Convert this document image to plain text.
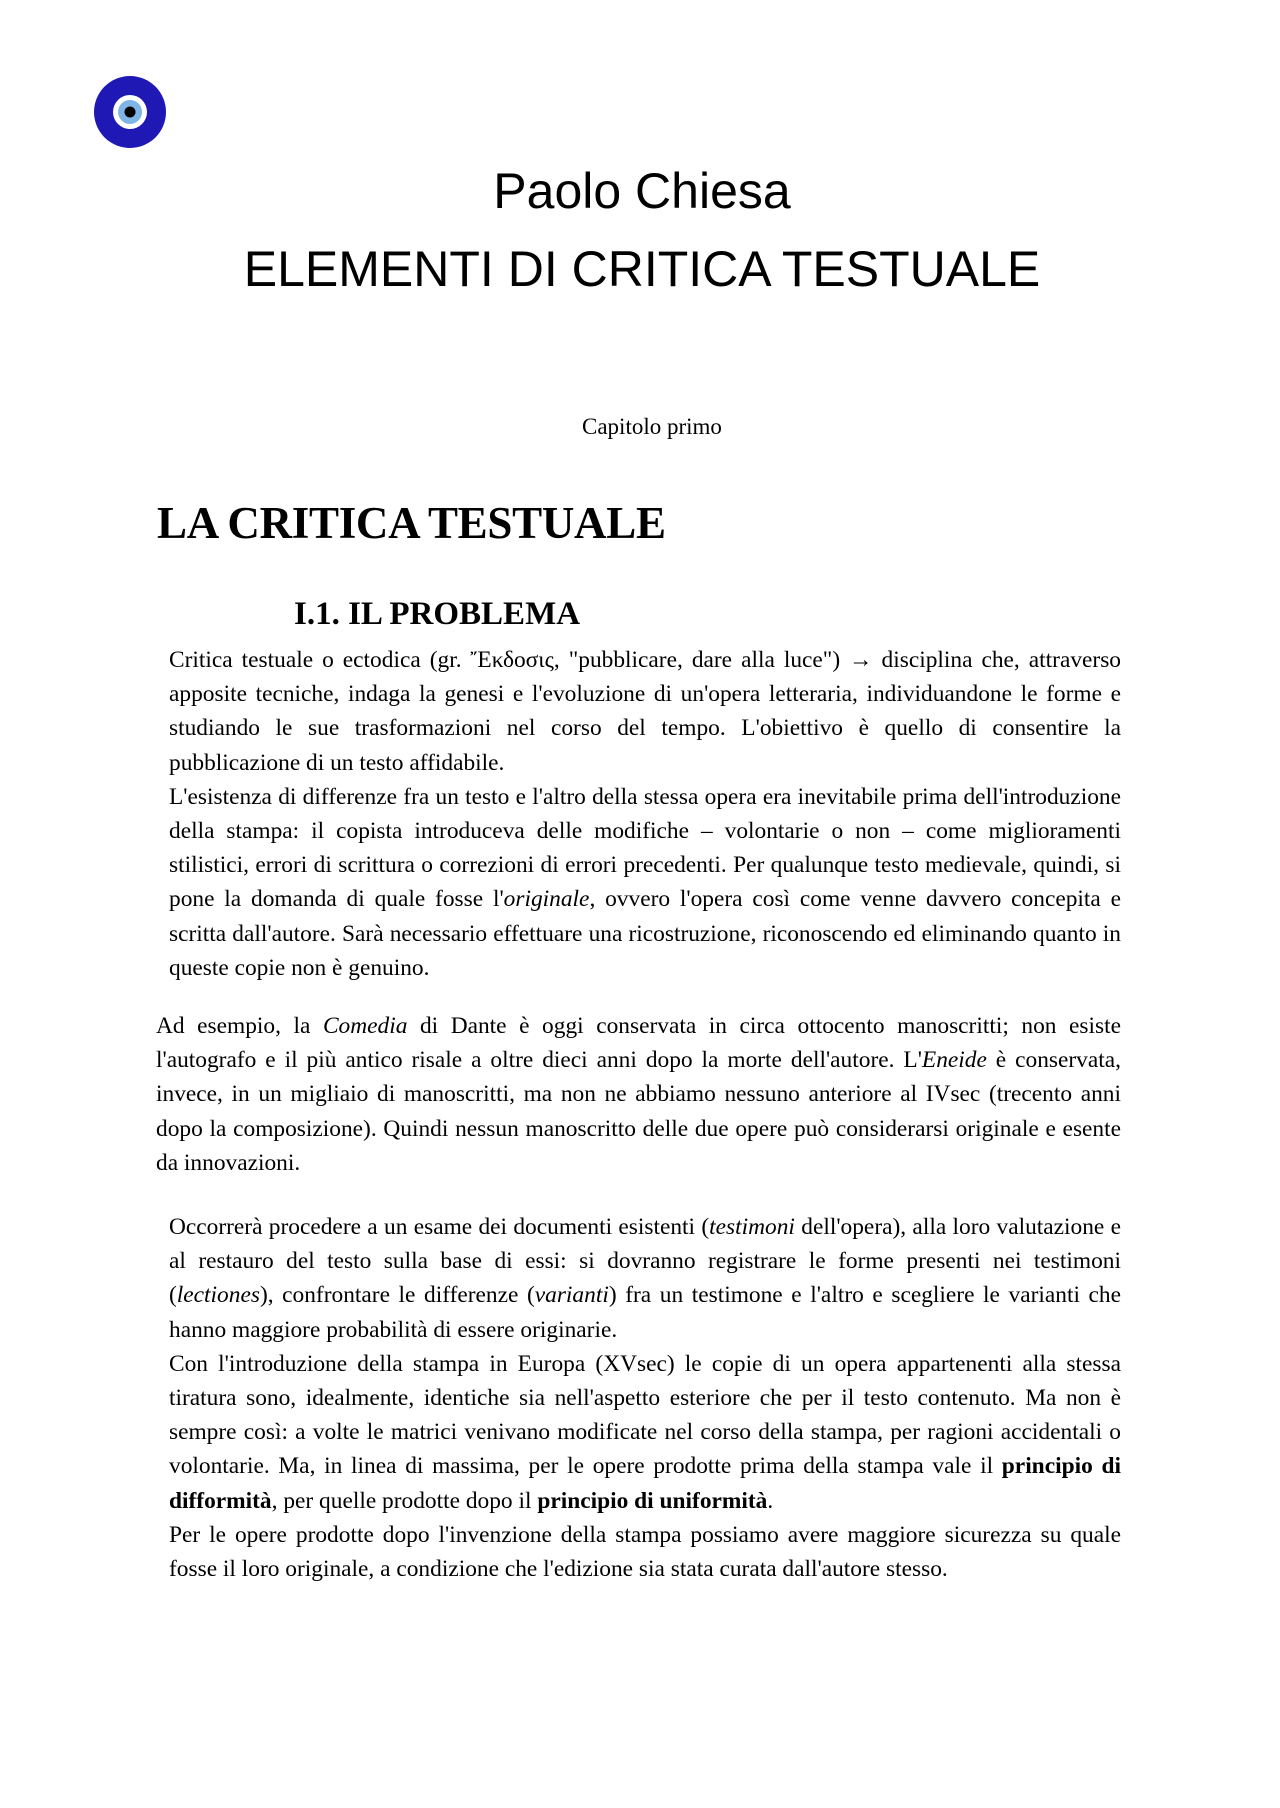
Paolo Chiesa
ELEMENTI DI CRITICA TESTUALE
Capitolo primo
LA CRITICA TESTUALE
I.1. IL PROBLEMA

Critica testuale o ectodica (gr. Ἔκδοσις, "pubblicare, dare alla luce") → disciplina che, attraverso apposite tecniche, indaga la genesi e l'evoluzione di un'opera letteraria, individuandone le forme e studiando le sue trasformazioni nel corso del tempo. L'obiettivo è quello di consentire la pubblicazione di un testo affidabile.

L'esistenza di differenze fra un testo e l'altro della stessa opera era inevitabile prima dell'introduzione della stampa: il copista introduceva delle modifiche – volontarie o non – come miglioramenti stilistici, errori di scrittura o correzioni di errori precedenti. Per qualunque testo medievale, quindi, si pone la domanda di quale fosse l'originale, ovvero l'opera così come venne davvero concepita e scritta dall'autore. Sarà necessario effettuare una ricostruzione, riconoscendo ed eliminando quanto in queste copie non è genuino.

Ad esempio, la Comedia di Dante è oggi conservata in circa ottocento manoscritti; non esiste l'autografo e il più antico risale a oltre dieci anni dopo la morte dell'autore. L'Eneide è conservata, invece, in un migliaio di manoscritti, ma non ne abbiamo nessuno anteriore al IVsec (trecento anni dopo la composizione). Quindi nessun manoscritto delle due opere può considerarsi originale e esente da innovazioni.

Occorrerà procedere a un esame dei documenti esistenti (testimoni dell'opera), alla loro valutazione e al restauro del testo sulla base di essi: si dovranno registrare le forme presenti nei testimoni (lectiones), confrontare le differenze (varianti) fra un testimone e l'altro e scegliere le varianti che hanno maggiore probabilità di essere originarie.

Con l'introduzione della stampa in Europa (XVsec) le copie di un opera appartenenti alla stessa tiratura sono, idealmente, identiche sia nell'aspetto esteriore che per il testo contenuto. Ma non è sempre così: a volte le matrici venivano modificate nel corso della stampa, per ragioni accidentali o volontarie. Ma, in linea di massima, per le opere prodotte prima della stampa vale il principio di difformità, per quelle prodotte dopo il principio di uniformità.

Per le opere prodotte dopo l'invenzione della stampa possiamo avere maggiore sicurezza su quale fosse il loro originale, a condizione che l'edizione sia stata curata dall'autore stesso.
